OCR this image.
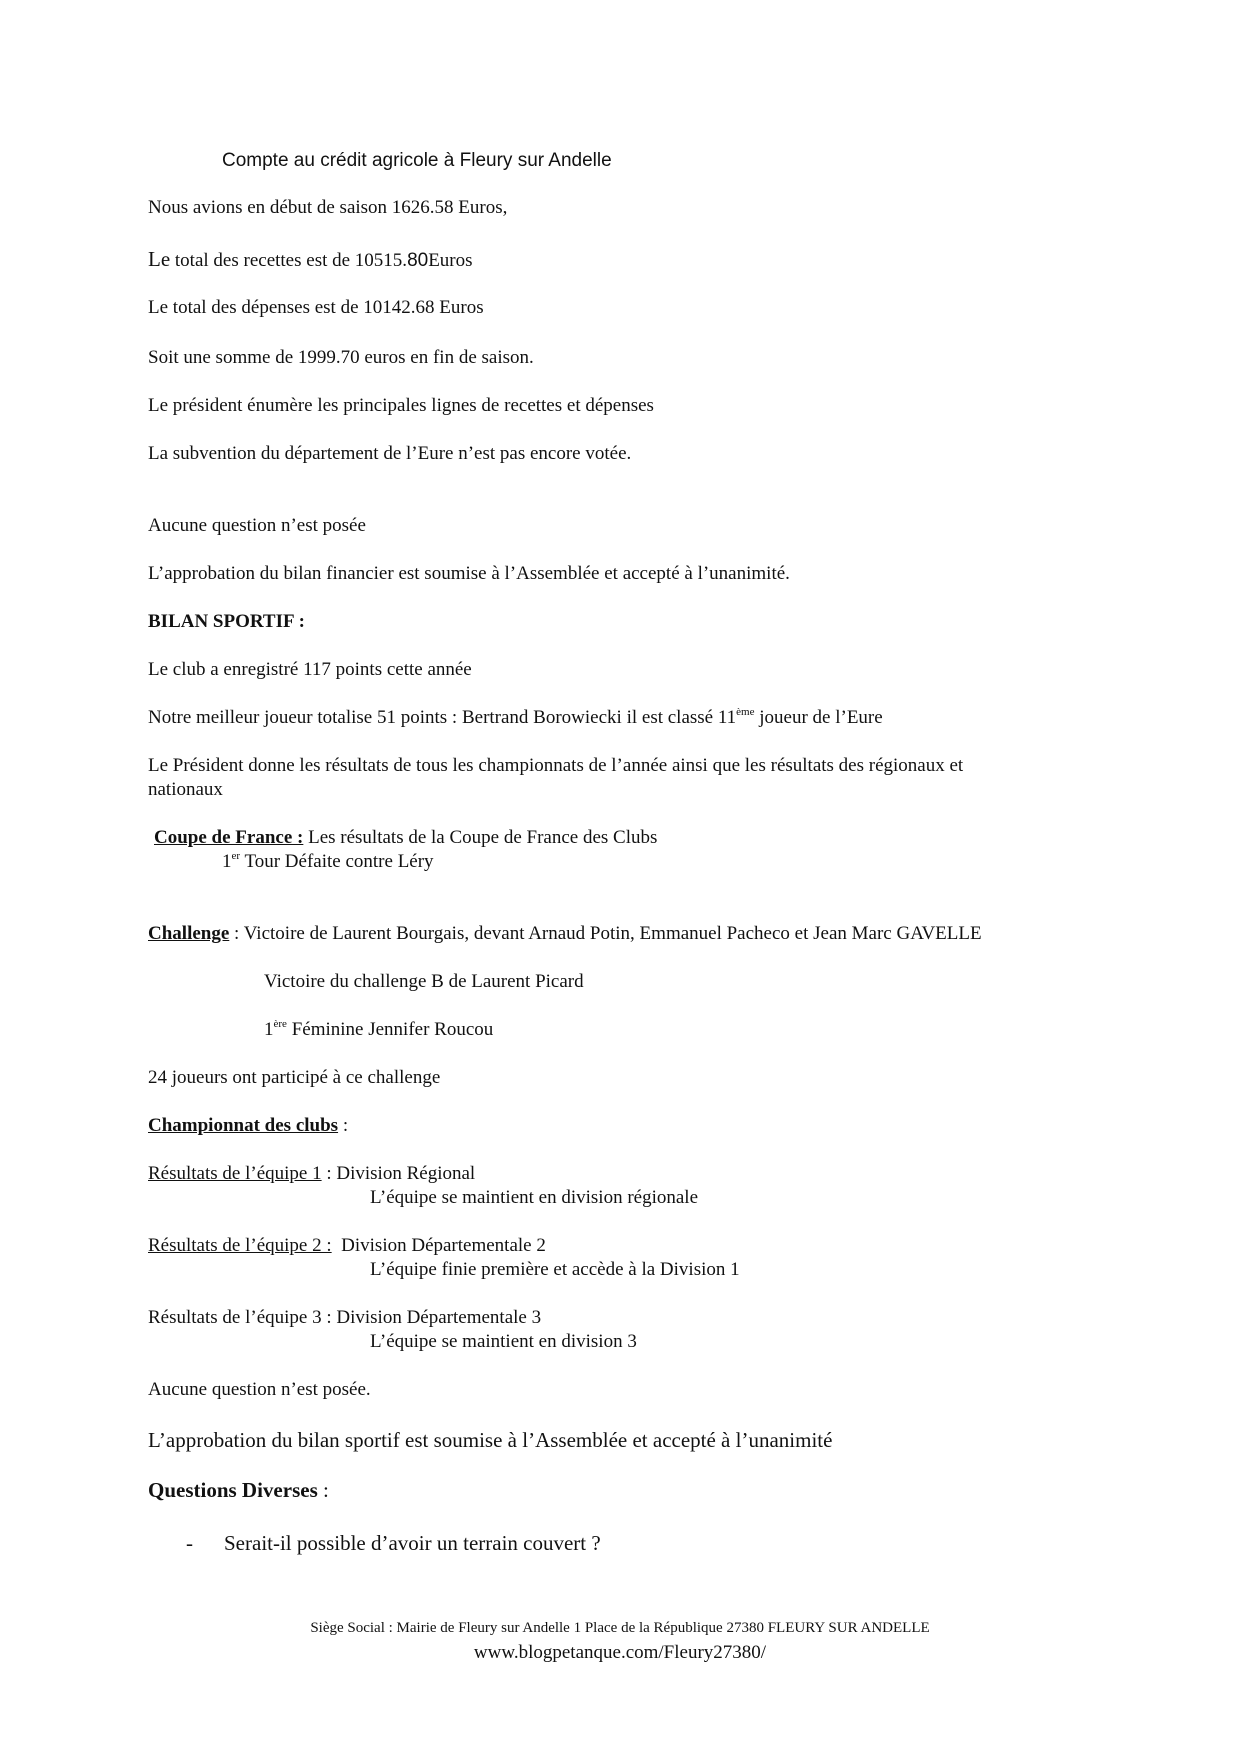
Compte au crédit agricole à Fleury sur Andelle
Nous avions en début de saison 1626.58 Euros,
Le total des recettes est de 10515.80Euros
Le total des dépenses est de 10142.68 Euros
Soit une somme de 1999.70 euros en fin de saison.
Le président énumère les principales lignes de recettes et dépenses
La subvention du département de l’Eure n’est pas encore votée.
Aucune question n’est posée
L’approbation du bilan financier est soumise à l’Assemblée et accepté à l’unanimité.
BILAN SPORTIF :
Le club a enregistré 117 points cette année
Notre meilleur joueur totalise 51 points : Bertrand Borowiecki il est classé 11ème joueur de l’Eure
Le Président donne les résultats de tous les championnats de l’année ainsi que les résultats des régionaux et
nationaux
Coupe de France : Les résultats de la Coupe de France des Clubs
1er Tour Défaite contre Léry
Challenge : Victoire de Laurent Bourgais, devant Arnaud Potin, Emmanuel Pacheco et Jean Marc GAVELLE
Victoire du challenge B de Laurent Picard
1ère Féminine Jennifer Roucou
24 joueurs ont participé à ce challenge
Championnat des clubs :
Résultats de l’équipe 1 : Division Régional
L’équipe se maintient en division régionale
Résultats de l’équipe 2 :  Division Départementale 2
L’équipe finie première et accède à la Division 1
Résultats de l’équipe 3 : Division Départementale 3
L’équipe se maintient en division 3
Aucune question n’est posée.
L’approbation du bilan sportif est soumise à l’Assemblée et accepté à l’unanimité
Questions Diverses :
- Serait-il possible d’avoir un terrain couvert ?
Siège Social : Mairie de Fleury sur Andelle 1 Place de la République 27380 FLEURY SUR ANDELLE
www.blogpetanque.com/Fleury27380/
